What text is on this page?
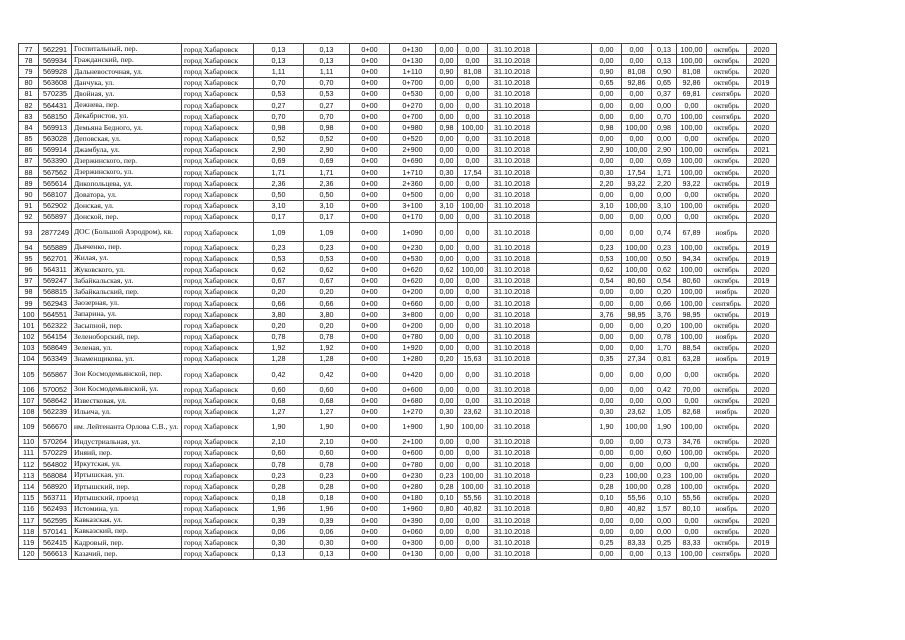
77	562291	Госпитальный, пер.	город Хабаровск	0,13	0,13	0+00	0+130	0,00	0,00	31.10.2018		0,00	0,00	0,13	100,00	октябрь	2020
78	569934	Гражданский, пер.	город Хабаровск	0,13	0,13	0+00	0+130	0,00	0,00	31.10.2018		0,00	0,00	0,13	100,00	октябрь	2020
79	569928	Дальневосточная, ул.	город Хабаровск	1,11	1,11	0+00	1+110	0,90	81,08	31.10.2018		0,90	81,08	0,90	81,08	октябрь	2020
80	563608	Данчука, ул.	город Хабаровск	0,70	0,70	0+00	0+700	0,00	0,00	31.10.2018		0,65	92,86	0,65	92,86	октябрь	2019
81	570235	Двойная, ул.	город Хабаровск	0,53	0,53	0+00	0+530	0,00	0,00	31.10.2018		0,00	0,00	0,37	69,81	сентябрь	2020
82	564431	Дежнева, пер.	город Хабаровск	0,27	0,27	0+00	0+270	0,00	0,00	31.10.2018		0,00	0,00	0,00	0,00	октябрь	2020
83	568150	Декабристов, ул.	город Хабаровск	0,70	0,70	0+00	0+700	0,00	0,00	31.10.2018		0,00	0,00	0,70	100,00	сентябрь	2020
84	569913	Демьяна Бедного, ул.	город Хабаровск	0,98	0,98	0+00	0+980	0,98	100,00	31.10.2018		0,98	100,00	0,98	100,00	октябрь	2020
85	563028	Деповская, ул.	город Хабаровск	0,52	0,52	0+00	0+520	0,00	0,00	31.10.2018		0,00	0,00	0,00	0,00	октябрь	2020
86	569914	Джамбула, ул.	город Хабаровск	2,90	2,90	0+00	2+900	0,00	0,00	31.10.2018		2,90	100,00	2,90	100,00	октябрь	2021
87	563390	Дзержинского, пер.	город Хабаровск	0,69	0,69	0+00	0+690	0,00	0,00	31.10.2018		0,00	0,00	0,69	100,00	октябрь	2020
88	567562	Дзержинского, ул.	город Хабаровск	1,71	1,71	0+00	1+710	0,30	17,54	31.10.2018		0,30	17,54	1,71	100,00	октябрь	2020
89	565614	Дикопольцева, ул.	город Хабаровск	2,36	2,36	0+00	2+360	0,00	0,00	31.10.2018		2,20	93,22	2,20	93,22	октябрь	2019
90	568107	Доватора, ул.	город Хабаровск	0,50	0,50	0+00	0+500	0,00	0,00	31.10.2018		0,00	0,00	0,00	0,00	октябрь	2020
91	562902	Донская, ул.	город Хабаровск	3,10	3,10	0+00	3+100	3,10	100,00	31.10.2018		3,10	100,00	3,10	100,00	октябрь	2020
92	565897	Донской, пер.	город Хабаровск	0,17	0,17	0+00	0+170	0,00	0,00	31.10.2018		0,00	0,00	0,00	0,00	октябрь	2020
93	2877249	ДОС (Большой Аэродром), кв.	город Хабаровск	1,09	1,09	0+00	1+090	0,00	0,00	31.10.2018		0,00	0,00	0,74	67,89	ноябрь	2020
94	565889	Дьяченко, пер.	город Хабаровск	0,23	0,23	0+00	0+230	0,00	0,00	31.10.2018		0,23	100,00	0,23	100,00	октябрь	2019
95	562701	Жилая, ул.	город Хабаровск	0,53	0,53	0+00	0+530	0,00	0,00	31.10.2018		0,53	100,00	0,50	94,34	октябрь	2019
96	564311	Жуковского, ул.	город Хабаровск	0,62	0,62	0+00	0+620	0,62	100,00	31.10.2018		0,62	100,00	0,62	100,00	октябрь	2020
97	569247	Забайкальская, ул.	город Хабаровск	0,67	0,67	0+00	0+620	0,00	0,00	31.10.2018		0,54	80,60	0,54	80,60	октябрь	2019
98	568815	Забайкальский, пер.	город Хабаровск	0,20	0,20	0+00	0+200	0,00	0,00	31.10.2018		0,00	0,00	0,20	100,00	ноябрь	2020
99	562943	Заозерная, ул.	город Хабаровск	0,66	0,66	0+00	0+660	0,00	0,00	31.10.2018		0,00	0,00	0,66	100,00	сентябрь	2020
100	564551	Запарина, ул.	город Хабаровск	3,80	3,80	0+00	3+800	0,00	0,00	31.10.2018		3,76	98,95	3,76	98,95	октябрь	2019
101	562322	Засыпной, пер.	город Хабаровск	0,20	0,20	0+00	0+200	0,00	0,00	31.10.2018		0,00	0,00	0,20	100,00	октябрь	2020
102	564154	Зеленоборский, пер.	город Хабаровск	0,78	0,78	0+00	0+780	0,00	0,00	31.10.2018		0,00	0,00	0,78	100,00	ноябрь	2020
103	568649	Зеленая, ул.	город Хабаровск	1,92	1,92	0+00	1+920	0,00	0,00	31.10.2018		0,00	0,00	1,70	88,54	октябрь	2020
104	563349	Знаменщикова, ул.	город Хабаровск	1,28	1,28	0+00	1+280	0,20	15,63	31.10.2018		0,35	27,34	0,81	63,28	ноябрь	2019
105	565867	Зои Космодемьянской, пер.	город Хабаровск	0,42	0,42	0+00	0+420	0,00	0,00	31.10.2018		0,00	0,00	0,00	0,00	октябрь	2020
106	570052	Зои Космодемьянской, ул.	город Хабаровск	0,60	0,60	0+00	0+600	0,00	0,00	31.10.2018		0,00	0,00	0,42	70,00	октябрь	2020
107	568642	Известковая, ул.	город Хабаровск	0,68	0,68	0+00	0+680	0,00	0,00	31.10.2018		0,00	0,00	0,00	0,00	октябрь	2020
108	562239	Ильича, ул.	город Хабаровск	1,27	1,27	0+00	1+270	0,30	23,62	31.10.2018		0,30	23,62	1,05	82,68	ноябрь	2020
109	566670	им. Лейтенанта Орлова С.В., ул.	город Хабаровск	1,90	1,90	0+00	1+900	1,90	100,00	31.10.2018		1,90	100,00	1,90	100,00	октябрь	2020
110	570264	Индустриальная, ул.	город Хабаровск	2,10	2,10	0+00	2+100	0,00	0,00	31.10.2018		0,00	0,00	0,73	34,76	октябрь	2020
111	570229	Иняий, пер.	город Хабаровск	0,60	0,60	0+00	0+600	0,00	0,00	31.10.2018		0,00	0,00	0,60	100,00	октябрь	2020
112	564802	Иркутская, ул.	город Хабаровск	0,78	0,78	0+00	0+780	0,00	0,00	31.10.2018		0,00	0,00	0,00	0,00	октябрь	2020
113	568084	Иртышская, ул.	город Хабаровск	0,23	0,23	0+00	0+230	0,23	100,00	31.10.2018		0,23	100,00	0,23	100,00	октябрь	2020
114	568920	Иртышский, пер.	город Хабаровск	0,28	0,28	0+00	0+280	0,28	100,00	31.10.2018		0,28	100,00	0,28	100,00	октябрь	2020
115	563711	Иртышский, проезд	город Хабаровск	0,18	0,18	0+00	0+180	0,10	55,56	31.10.2018		0,10	55,56	0,10	55,56	октябрь	2020
116	562493	Истомина, ул.	город Хабаровск	1,96	1,96	0+00	1+960	0,80	40,82	31.10.2018		0,80	40,82	1,57	80,10	ноябрь	2020
117	562595	Кавказская, ул.	город Хабаровск	0,39	0,39	0+00	0+390	0,00	0,00	31.10.2018		0,00	0,00	0,00	0,00	октябрь	2020
118	570141	Кавказский, пер.	город Хабаровск	0,06	0,06	0+00	0+060	0,00	0,00	31.10.2018		0,00	0,00	0,00	0,00	октябрь	2020
119	562415	Кадровый, пер.	город Хабаровск	0,30	0,30	0+00	0+300	0,00	0,00	31.10.2018		0,25	83,33	0,25	83,33	октябрь	2019
120	566613	Казачий, пер.	город Хабаровск	0,13	0,13	0+00	0+130	0,00	0,00	31.10.2018		0,00	0,00	0,13	100,00	сентябрь	2020
